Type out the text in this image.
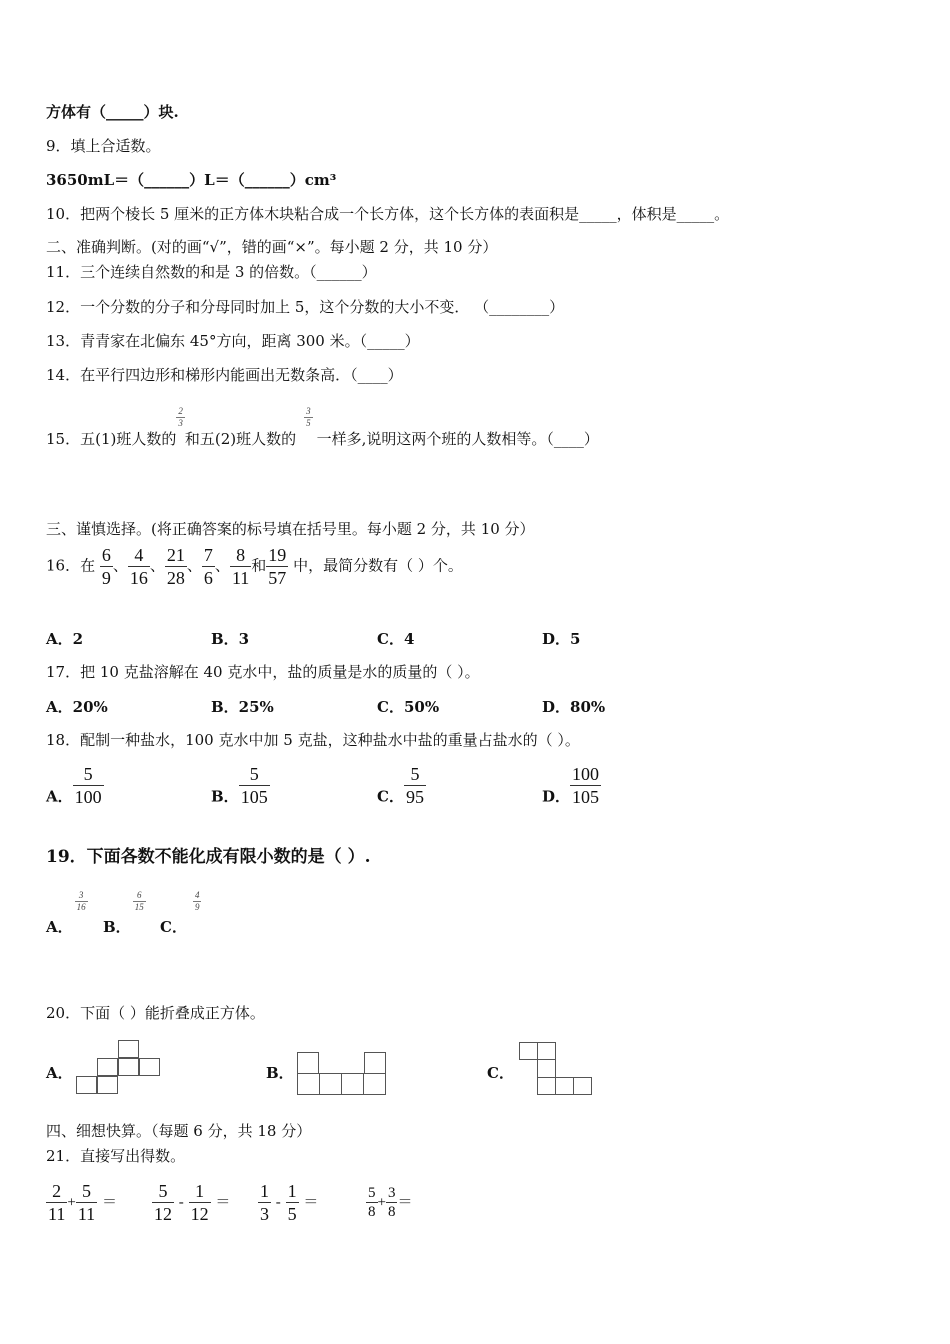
方体有（_____）块.
9．填上合适数。
3650mL＝（______）L＝（______）cm³
10．把两个棱长 5 厘米的正方体木块粘合成一个长方体，这个长方体的表面积是_____，体积是_____。
二、准确判断。(对的画“√”，错的画“×”。每小题 2 分，共 10 分）
11．三个连续自然数的和是 3 的倍数。（______）
12．一个分数的分子和分母同时加上 5，这个分数的大小不变． （________）
13．青青家在北偏东 45°方向，距离 300 米。（_____）
14．在平行四边形和梯形内能画出无数条高．（____）
15．五(1)班人数的
$\frac{2}{3}$
和五(2)班人数的
$\frac{3}{5}$
一样多,说明这两个班的人数相等。（____）
三、谨慎选择。(将正确答案的标号填在括号里。每小题 2 分，共 10 分）
16．在 $\frac{6}{9}$ 、 $\frac{4}{16}$ 、 $\frac{21}{28}$ 、 $\frac{7}{6}$ 、 $\frac{8}{11}$ 和 $\frac{19}{57}$ 中，最简分数有（ ）个。
A．2	B．3	C．4	D．5
17．把 10 克盐溶解在 40 克水中，盐的质量是水的质量的（ ）。
A．20%	B．25%	C．50%	D．80%
18．配制一种盐水，100 克水中加 5 克盐，这种盐水中盐的重量占盐水的（ ）。
A． $\frac{5}{100}$	B． $\frac{5}{105}$	C． $\frac{5}{95}$	D． $\frac{100}{105}$
19．下面各数不能化成有限小数的是（ ）.
A．
$\frac{3}{16}$
B．
$\frac{6}{15}$
C．
$\frac{4}{9}$
20．下面（ ）能折叠成正方体。
A．	B．	C．
四、细想快算。（每题 6 分，共 18 分）
21．直接写出得数。
$\frac{2}{11} + \frac{5}{11} = \frac{5}{12} - \frac{1}{12} = \frac{1}{3} - \frac{1}{5}$ ＝	$\frac{5}{8} + \frac{3}{8}$ ＝
